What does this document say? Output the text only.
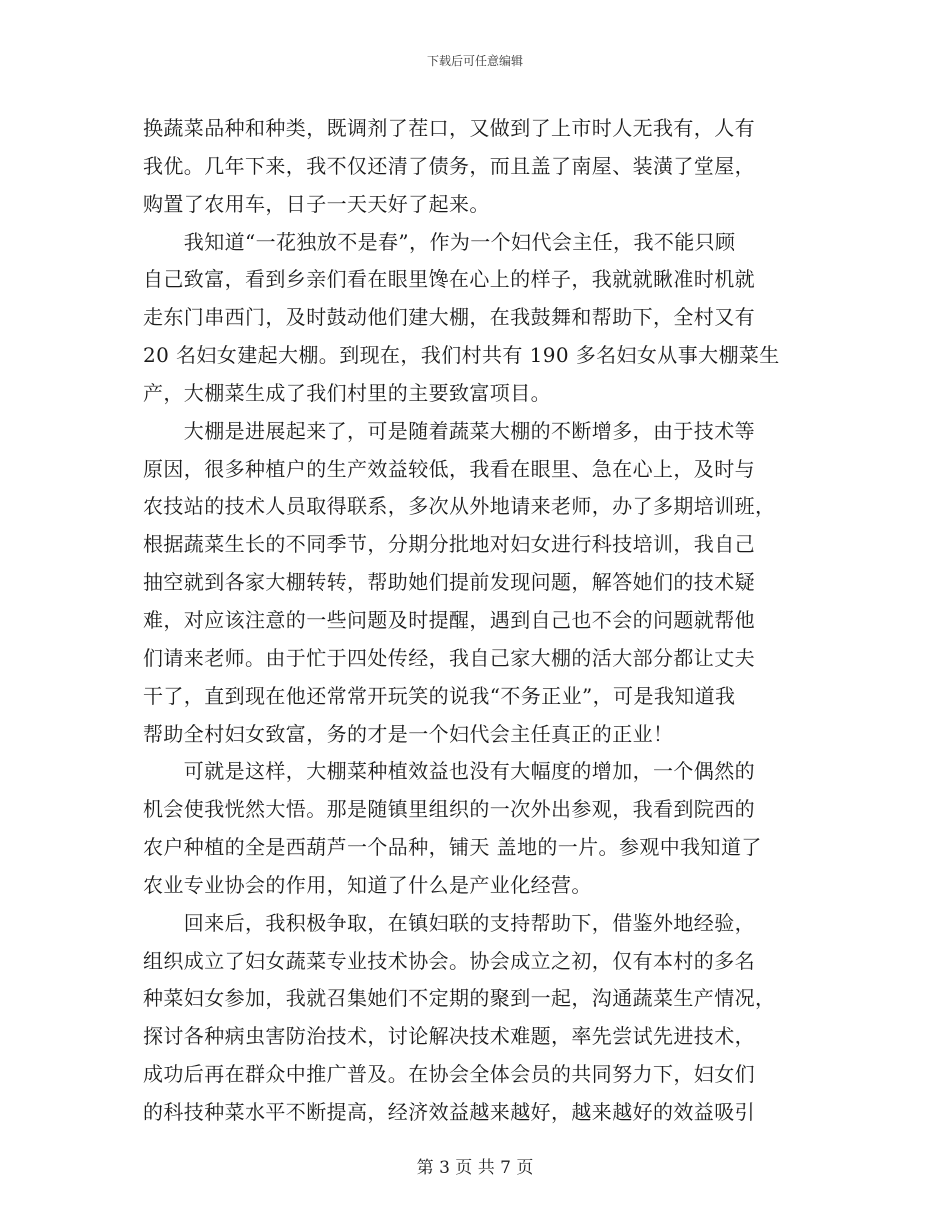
下载后可任意编辑
换蔬菜品种和种类，既调剂了茬口，又做到了上市时人无我有，人有
我优。几年下来，我不仅还清了债务，而且盖了南屋、装潢了堂屋，
购置了农用车，日子一天天好了起来。
　　我知道“一花独放不是春”，作为一个妇代会主任，我不能只顾
自己致富，看到乡亲们看在眼里馋在心上的样子，我就就瞅准时机就
走东门串西门，及时鼓动他们建大棚，在我鼓舞和帮助下，全村又有
20 名妇女建起大棚。到现在，我们村共有 190 多名妇女从事大棚菜生
产，大棚菜生成了我们村里的主要致富项目。
　　大棚是进展起来了，可是随着蔬菜大棚的不断增多，由于技术等
原因，很多种植户的生产效益较低，我看在眼里、急在心上，及时与
农技站的技术人员取得联系，多次从外地请来老师，办了多期培训班，
根据蔬菜生长的不同季节，分期分批地对妇女进行科技培训，我自己
抽空就到各家大棚转转，帮助她们提前发现问题，解答她们的技术疑
难，对应该注意的一些问题及时提醒，遇到自己也不会的问题就帮他
们请来老师。由于忙于四处传经，我自己家大棚的活大部分都让丈夫
干了，直到现在他还常常开玩笑的说我“不务正业”，可是我知道我
帮助全村妇女致富，务的才是一个妇代会主任真正的正业！
　　可就是这样，大棚菜种植效益也没有大幅度的增加，一个偶然的
机会使我恍然大悟。那是随镇里组织的一次外出参观，我看到院西的
农户种植的全是西葫芦一个品种，铺天 盖地的一片。参观中我知道了
农业专业协会的作用，知道了什么是产业化经营。
　　回来后，我积极争取，在镇妇联的支持帮助下，借鉴外地经验，
组织成立了妇女蔬菜专业技术协会。协会成立之初，仅有本村的多名
种菜妇女参加，我就召集她们不定期的聚到一起，沟通蔬菜生产情况，
探讨各种病虫害防治技术，讨论解决技术难题，率先尝试先进技术，
成功后再在群众中推广普及。在协会全体会员的共同努力下，妇女们
的科技种菜水平不断提高，经济效益越来越好，越来越好的效益吸引
第 3 页 共 7 页
